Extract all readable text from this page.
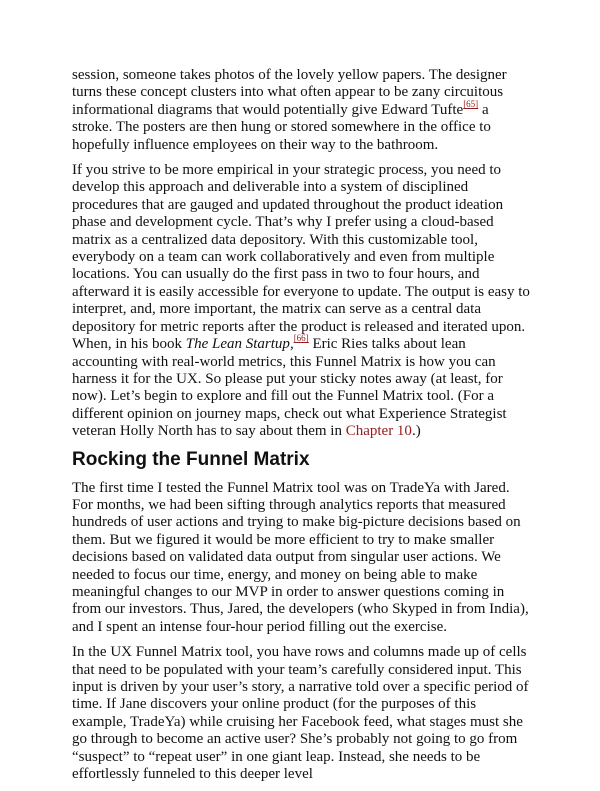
session, someone takes photos of the lovely yellow papers. The designer turns these concept clusters into what often appear to be zany circuitous informational diagrams that would potentially give Edward Tufte[65] a stroke. The posters are then hung or stored somewhere in the office to hopefully influence employees on their way to the bathroom.

If you strive to be more empirical in your strategic process, you need to develop this approach and deliverable into a system of disciplined procedures that are gauged and updated throughout the product ideation phase and development cycle. That’s why I prefer using a cloud-based matrix as a centralized data depository. With this customizable tool, everybody on a team can work collaboratively and even from multiple locations. You can usually do the first pass in two to four hours, and afterward it is easily accessible for everyone to update. The output is easy to interpret, and, more important, the matrix can serve as a central data depository for metric reports after the product is released and iterated upon. When, in his book The Lean Startup,[66] Eric Ries talks about lean accounting with real-world metrics, this Funnel Matrix is how you can harness it for the UX. So please put your sticky notes away (at least, for now). Let’s begin to explore and fill out the Funnel Matrix tool. (For a different opinion on journey maps, check out what Experience Strategist veteran Holly North has to say about them in Chapter 10.)

Rocking the Funnel Matrix

The first time I tested the Funnel Matrix tool was on TradeYa with Jared. For months, we had been sifting through analytics reports that measured hundreds of user actions and trying to make big-picture decisions based on them. But we figured it would be more efficient to try to make smaller decisions based on validated data output from singular user actions. We needed to focus our time, energy, and money on being able to make meaningful changes to our MVP in order to answer questions coming in from our investors. Thus, Jared, the developers (who Skyped in from India), and I spent an intense four-hour period filling out the exercise.

In the UX Funnel Matrix tool, you have rows and columns made up of cells that need to be populated with your team’s carefully considered input. This input is driven by your user’s story, a narrative told over a specific period of time. If Jane discovers your online product (for the purposes of this example, TradeYa) while cruising her Facebook feed, what stages must she go through to become an active user? She’s probably not going to go from “suspect” to “repeat user” in one giant leap. Instead, she needs to be effortlessly funneled to this deeper level
